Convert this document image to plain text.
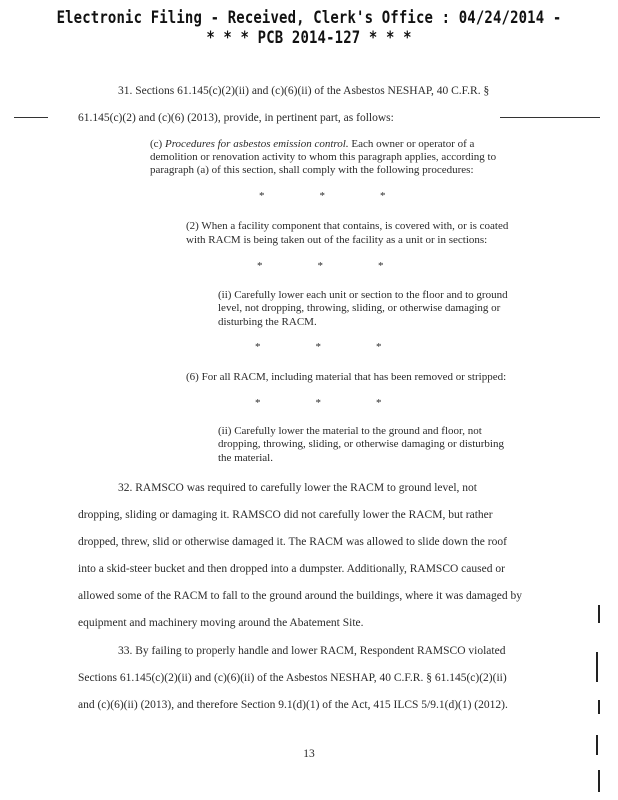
Electronic Filing - Received, Clerk's Office : 04/24/2014 - * * * PCB 2014-127 * * *
31. Sections 61.145(c)(2)(ii) and (c)(6)(ii) of the Asbestos NESHAP, 40 C.F.R. §
61.145(c)(2) and (c)(6) (2013), provide, in pertinent part, as follows:
(c) Procedures for asbestos emission control. Each owner or operator of a
demolition or renovation activity to whom this paragraph applies, according to
paragraph (a) of this section, shall comply with the following procedures:
*                    *                    *
(2) When a facility component that contains, is covered with, or is coated
with RACM is being taken out of the facility as a unit or in sections:
*                    *                    *
(ii) Carefully lower each unit or section to the floor and to ground
level, not dropping, throwing, sliding, or otherwise damaging or
disturbing the RACM.
*                    *                    *
(6) For all RACM, including material that has been removed or stripped:
*                    *                    *
(ii) Carefully lower the material to the ground and floor, not
dropping, throwing, sliding, or otherwise damaging or disturbing
the material.
32. RAMSCO was required to carefully lower the RACM to ground level, not
dropping, sliding or damaging it. RAMSCO did not carefully lower the RACM, but rather
dropped, threw, slid or otherwise damaged it. The RACM was allowed to slide down the roof
into a skid-steer bucket and then dropped into a dumpster. Additionally, RAMSCO caused or
allowed some of the RACM to fall to the ground around the buildings, where it was damaged by
equipment and machinery moving around the Abatement Site.
33. By failing to properly handle and lower RACM, Respondent RAMSCO violated
Sections 61.145(c)(2)(ii) and (c)(6)(ii) of the Asbestos NESHAP, 40 C.F.R. § 61.145(c)(2)(ii)
and (c)(6)(ii) (2013), and therefore Section 9.1(d)(1) of the Act, 415 ILCS 5/9.1(d)(1) (2012).
13
